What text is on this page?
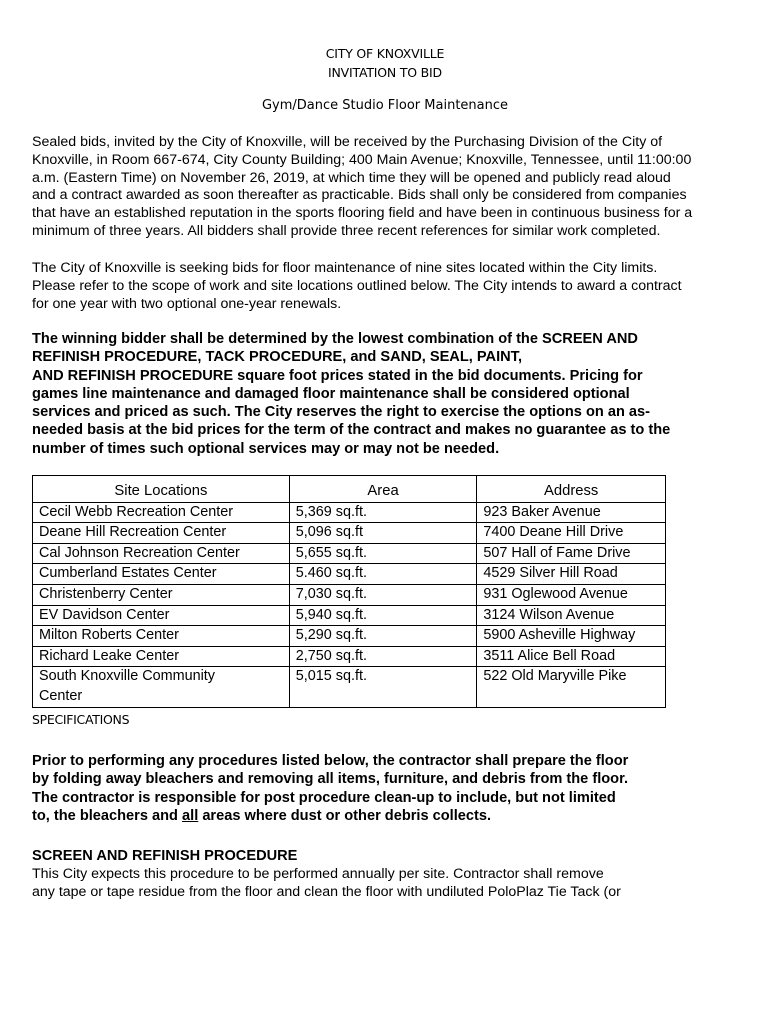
CITY OF KNOXVILLE
INVITATION TO BID
Gym/Dance Studio Floor Maintenance
Sealed bids, invited by the City of Knoxville, will be received by the Purchasing Division of the City of
Knoxville, in Room 667-674, City County Building; 400 Main Avenue; Knoxville, Tennessee, until 11:00:00
a.m. (Eastern Time) on November 26, 2019, at which time they will be opened and publicly read aloud
and a contract awarded as soon thereafter as practicable. Bids shall only be considered from companies
that have an established reputation in the sports flooring field and have been in continuous business for a
minimum of three years. All bidders shall provide three recent references for similar work completed.
The City of Knoxville is seeking bids for floor maintenance of nine sites located within the City limits.
Please refer to the scope of work and site locations outlined below. The City intends to award a contract
for one year with two optional one-year renewals.
The winning bidder shall be determined by the lowest combination of the SCREEN AND
REFINISH PROCEDURE, TACK PROCEDURE, and SAND, SEAL, PAINT,
AND REFINISH PROCEDURE square foot prices stated in the bid documents. Pricing for
games line maintenance and damaged floor maintenance shall be considered optional
services and priced as such. The City reserves the right to exercise the options on an as-
needed basis at the bid prices for the term of the contract and makes no guarantee as to the
number of times such optional services may or may not be needed.
Site Locations	Area	Address
Cecil Webb Recreation Center	5,369 sq.ft.	923 Baker Avenue
Deane Hill Recreation Center	5,096 sq.ft	7400 Deane Hill Drive
Cal Johnson Recreation Center	5,655 sq.ft.	507 Hall of Fame Drive
Cumberland Estates Center	5.460 sq.ft.	4529 Silver Hill Road
Christenberry Center	7,030 sq.ft.	931 Oglewood Avenue
EV Davidson Center	5,940 sq.ft.	3124 Wilson Avenue
Milton Roberts Center	5,290 sq.ft.	5900 Asheville Highway
Richard Leake Center	2,750 sq.ft.	3511 Alice Bell Road

South Knoxville Community
Center	5,015 sq.ft.	522 Old Maryville Pike
SPECIFICATIONS
Prior to performing any procedures listed below, the contractor shall prepare the floor
by folding away bleachers and removing all items, furniture, and debris from the floor.
The contractor is responsible for post procedure clean-up to include, but not limited
to, the bleachers and all areas where dust or other debris collects.
SCREEN AND REFINISH PROCEDURE
This City expects this procedure to be performed annually per site. Contractor shall remove
any tape or tape residue from the floor and clean the floor with undiluted PoloPlaz Tie Tack (or
